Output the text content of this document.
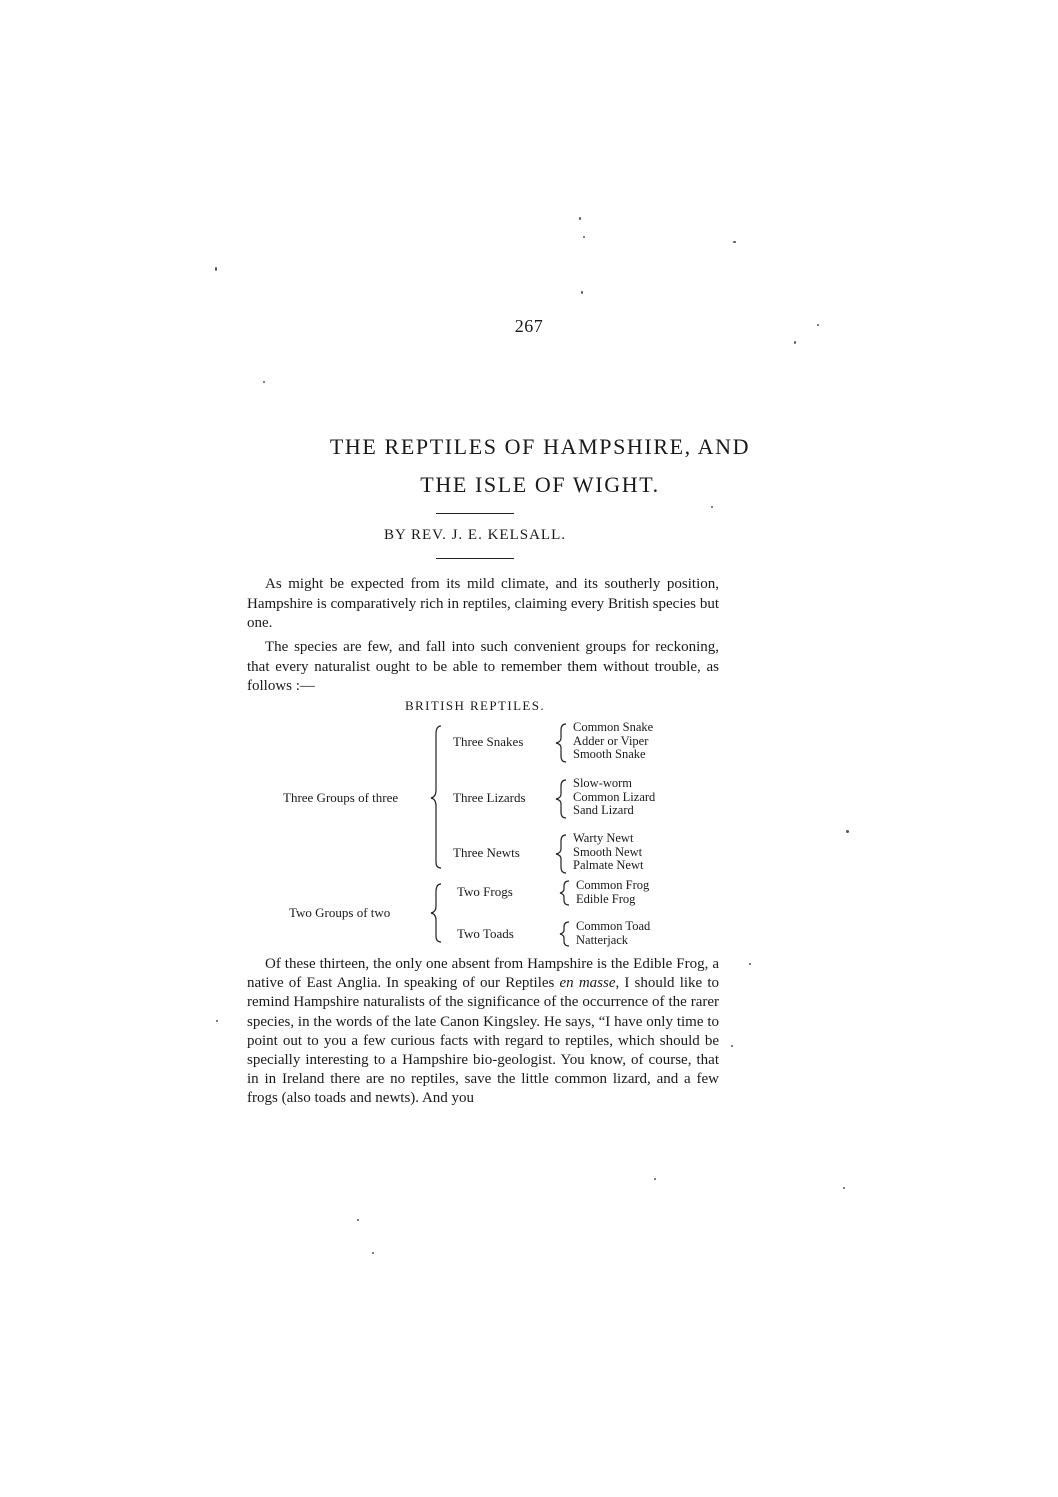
267
THE REPTILES OF HAMPSHIRE, AND
THE ISLE OF WIGHT.
BY REV. J. E. KELSALL.

As might be expected from its mild climate, and its southerly position, Hampshire is comparatively rich in reptiles, claiming every British species but one.

The species are few, and fall into such convenient groups for reckoning, that every naturalist ought to be able to remember them without trouble, as follows :—

BRITISH REPTILES.
Three Groups of three
Two Groups of two
Three Snakes
Three Lizards
Three Newts
Two Frogs
Two Toads
Common Snake
Adder or Viper
Smooth Snake
Slow-worm
Common Lizard
Sand Lizard
Warty Newt
Smooth Newt
Palmate Newt
Common Frog
Edible Frog
Common Toad
Natterjack

Of these thirteen, the only one absent from Hampshire is the Edible Frog, a native of East Anglia. In speaking of our Reptiles en masse, I should like to remind Hampshire naturalists of the significance of the occurrence of the rarer species, in the words of the late Canon Kingsley. He says, “I have only time to point out to you a few curious facts with regard to reptiles, which should be specially interesting to a Hampshire bio-geologist. You know, of course, that in in Ireland there are no reptiles, save the little common lizard, and a few frogs (also toads and newts). And you
